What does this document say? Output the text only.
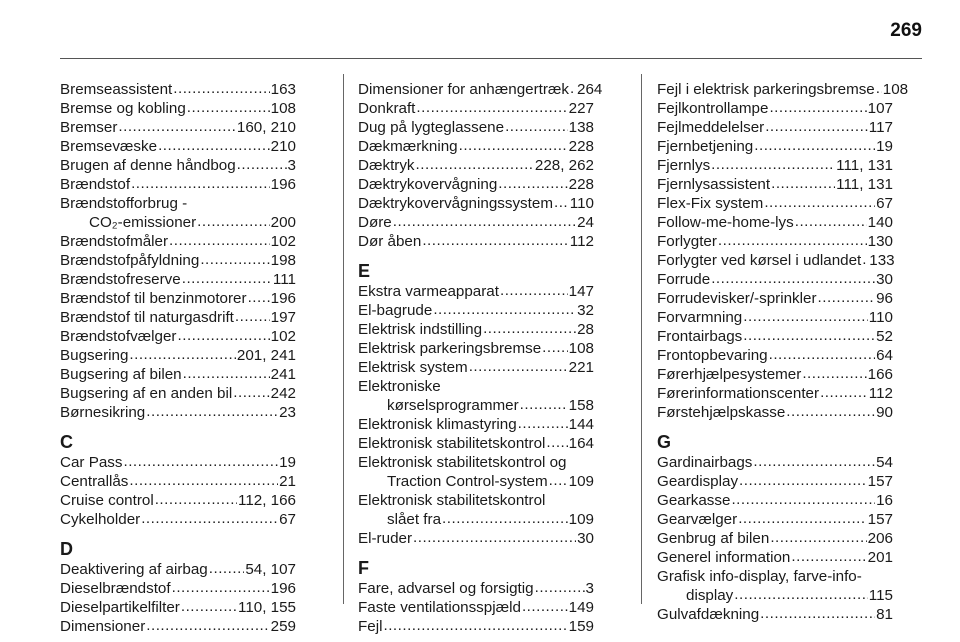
269
Bremseassistent .....	163
Bremse og kobling .....	108
Bremser .....	160, 210
Bremsevæske .....	210
Brugen af denne håndbog .....	3
Brændstof .....	196
Brændstofforbrug -
CO₂-emissioner .....	200
Brændstofmåler .....	102
Brændstofpåfyldning .....	198
Brændstofreserve .....	111
Brændstof til benzinmotorer ..... 196
Brændstof til naturgasdrift ..... 197
Brændstofvælger .....	102
Bugsering .....	201, 241
Bugsering af bilen .....	241
Bugsering af en anden bil .....	242
Børnesikring .....	23
C
Car Pass .....	19
Centrallås .....	21
Cruise control .....	112, 166
Cykelholder .....	67
D
Deaktivering af airbag ..... 54, 107
Dieselbrændstof .....	196
Dieselpartikelfilter .....	110, 155
Dimensioner .....	259
Dimensioner for anhængertræk ..... 264
Donkraft .....	227
Dug på lygteglassene .....	138
Dækmærkning .....	228
Dæktryk .....	228, 262
Dæktrykovervågning .....	228
Dæktrykovervågningssystem ..... 110
Døre .....	24
Dør åben .....	112
E
Ekstra varmeapparat .....	147
El-bagrude .....	32
Elektrisk indstilling .....	28
Elektrisk parkeringsbremse ..... 108
Elektrisk system .....	221
Elektroniske
kørselsprogrammer .....	158
Elektronisk klimastyring .....	144
Elektronisk stabilitetskontrol ..... 164
Elektronisk stabilitetskontrol og
Traction Control-system ..... 109
Elektronisk stabilitetskontrol
slået fra .....	109
El-ruder .....	30
F
Fare, advarsel og forsigtig .....	3
Faste ventilationsspjæld .....	149
Fejl .....	159
Fejl i elektrisk parkeringsbremse ..... 108
Fejlkontrollampe .....	107
Fejlmeddelelser .....	117
Fjernbetjening .....	19
Fjernlys .....	111, 131
Fjernlysassistent .....	111, 131
Flex-Fix system .....	67
Follow-me-home-lys .....	140
Forlygter .....	130
Forlygter ved kørsel i udlandet ..... 133
Forrude .....	30
Forrudevisker/-sprinkler .....	96
Forvarmning .....	110
Frontairbags .....	52
Frontopbevaring .....	64
Førerhjælpesystemer .....	166
Førerinformationscenter .....	112
Førstehjælpskasse .....	90
G
Gardinairbags .....	54
Geardisplay .....	157
Gearkasse .....	16
Gearvælger .....	157
Genbrug af bilen .....	206
Generel information .....	201
Grafisk info-display, farve-info-
display .....	115
Gulvafdækning .....	81
